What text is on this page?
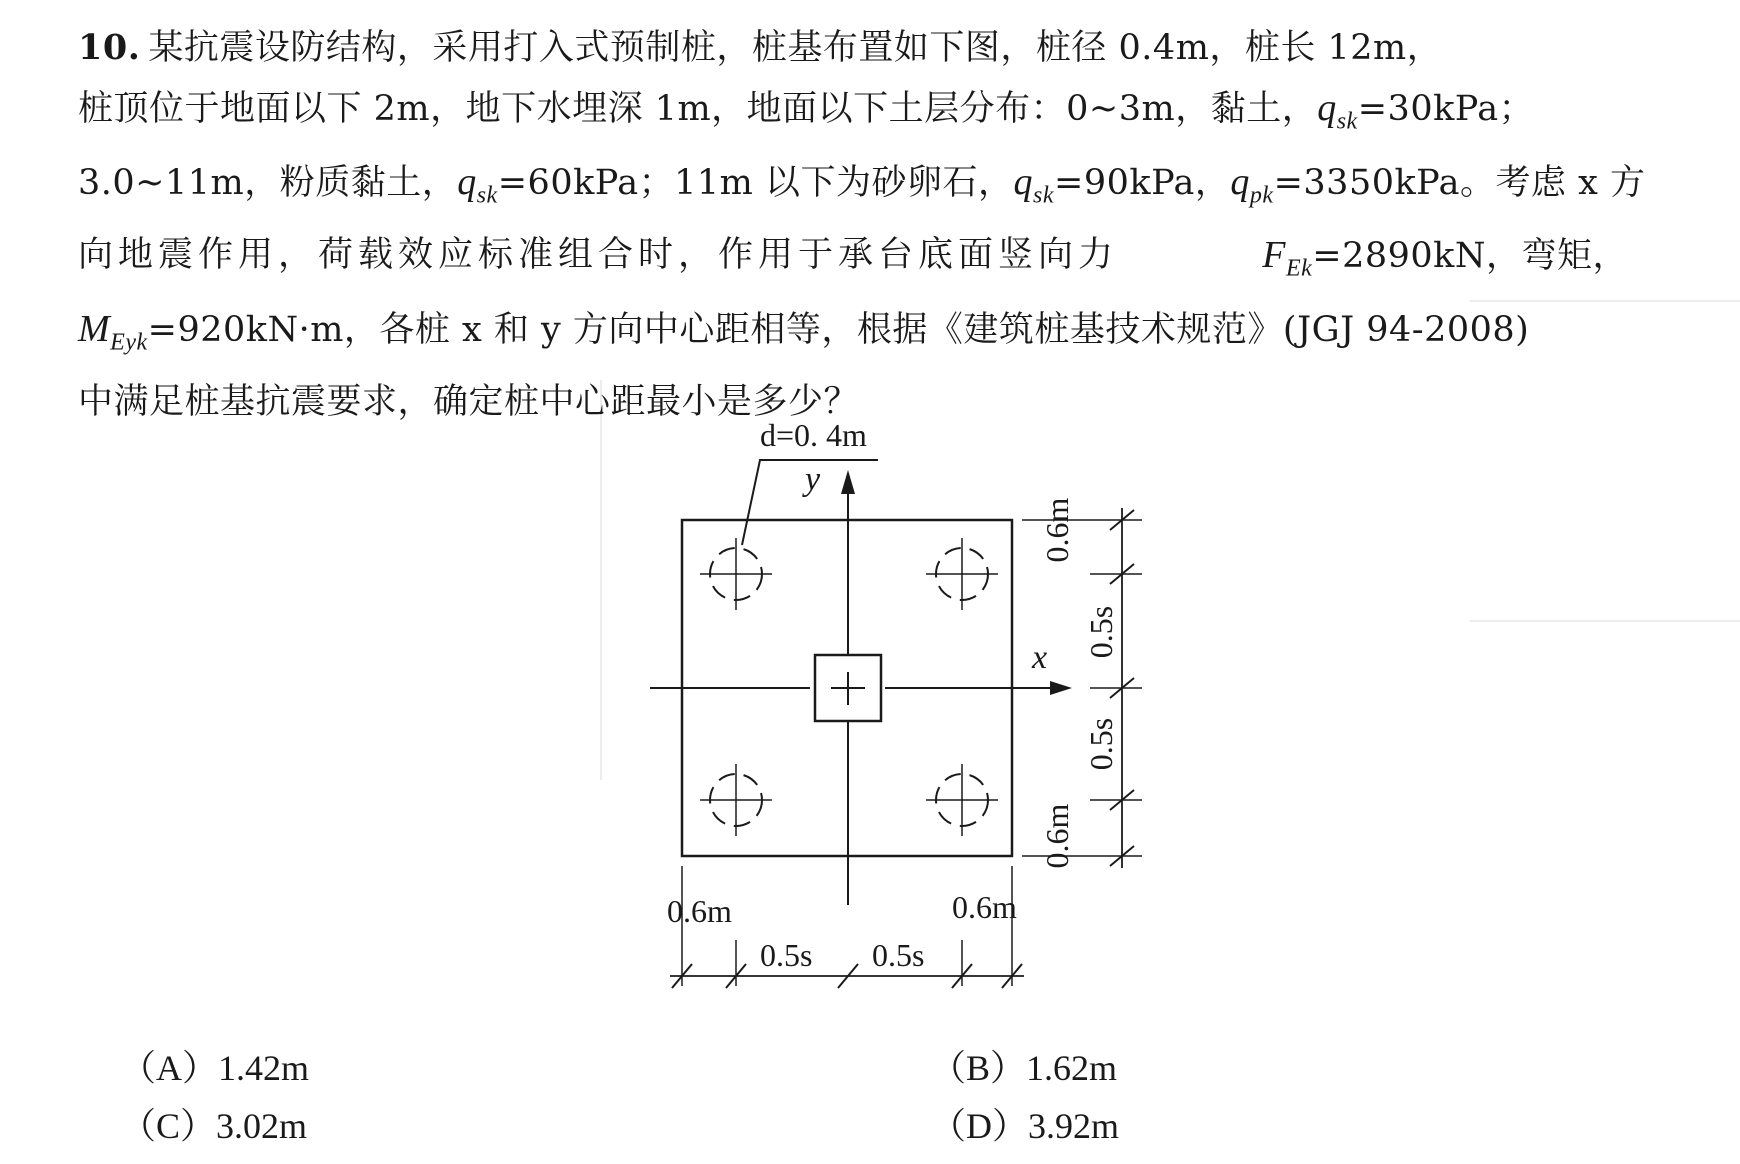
10. 某抗震设防结构，采用打入式预制桩，桩基布置如下图，桩径 0.4m，桩长 12m，
桩顶位于地面以下 2m，地下水埋深 1m，地面以下土层分布：0~3m，黏土，$q_{sk}=30kPa$；
3.0~11m，粉质黏土，$q_{sk}=60kPa$；11m 以下为砂卵石，$q_{sk}=90kPa$，$q_{pk}=3350kPa$。考虑 x 方
向地震作用，荷载效应标准组合时，作用于承台底面竖向力	$F_{Ek}=2890kN$，弯矩，
$M_{Eyk}=920kN\cdot m$，各桩 x 和 y 方向中心距相等，根据《建筑桩基技术规范》(JGJ 94-2008)
中满足桩基抗震要求，确定桩中心距最小是多少？
d=0. 4m
y
x
0.6m
0.5s 0.5s
0.6m
0.6m
0.5s
0.5s
0.6m
（A）1.42m	（B）1.62m
（C）3.02m	（D）3.92m
